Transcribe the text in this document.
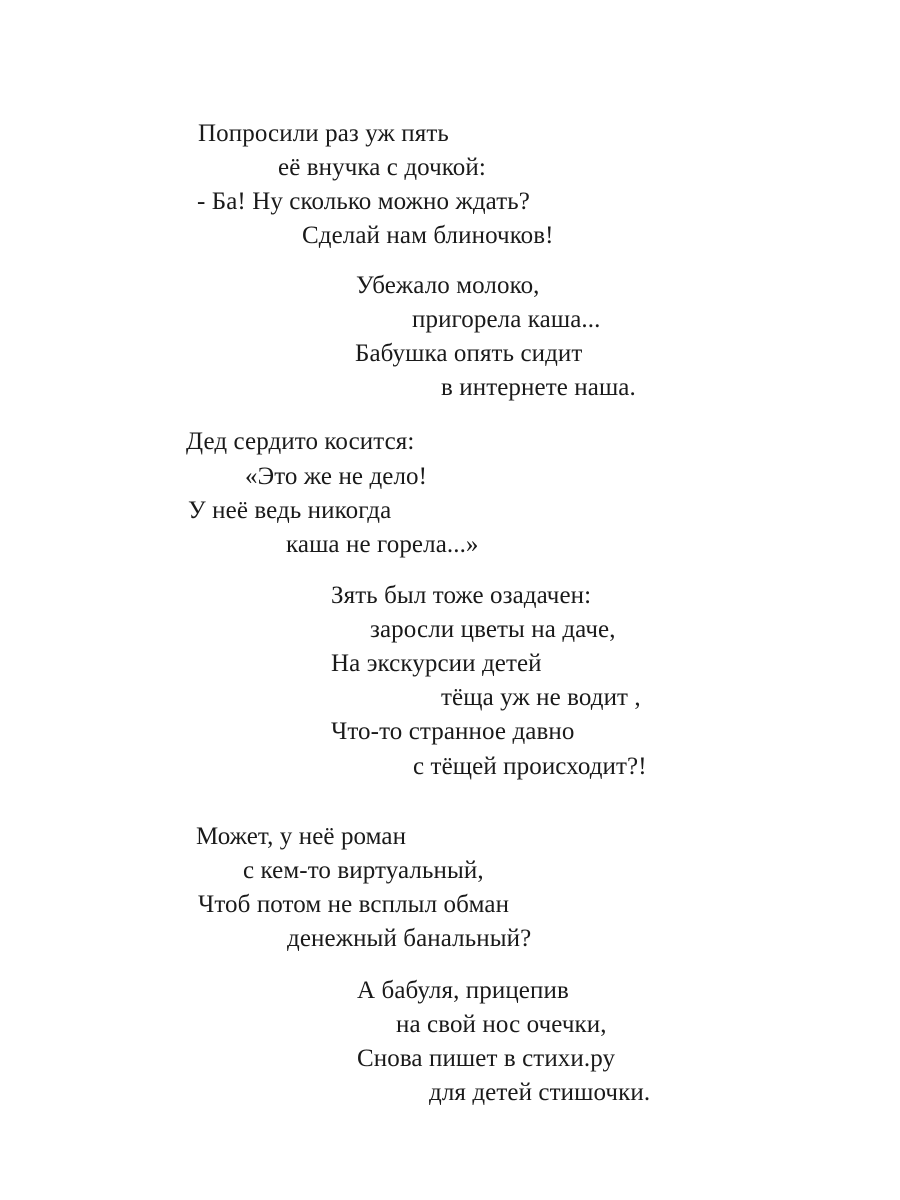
Попросили раз уж пять
её внучка с дочкой:
- Ба! Ну сколько можно ждать?
Сделай нам блиночков!
Убежало молоко,
пригорела каша...
Бабушка опять сидит
в интернете наша.
Дед сердито косится:
«Это же не дело!
У неё ведь никогда
каша не горела...»
Зять был тоже озадачен:
заросли цветы на даче,
На экскурсии детей
тёща уж не водит ,
Что-то странное давно
с тёщей происходит?!
Может, у неё роман
с кем-то виртуальный,
Чтоб потом не всплыл обман
денежный банальный?
А бабуля, прицепив
на свой нос очечки,
Снова пишет в стихи.ру
для детей стишочки.
